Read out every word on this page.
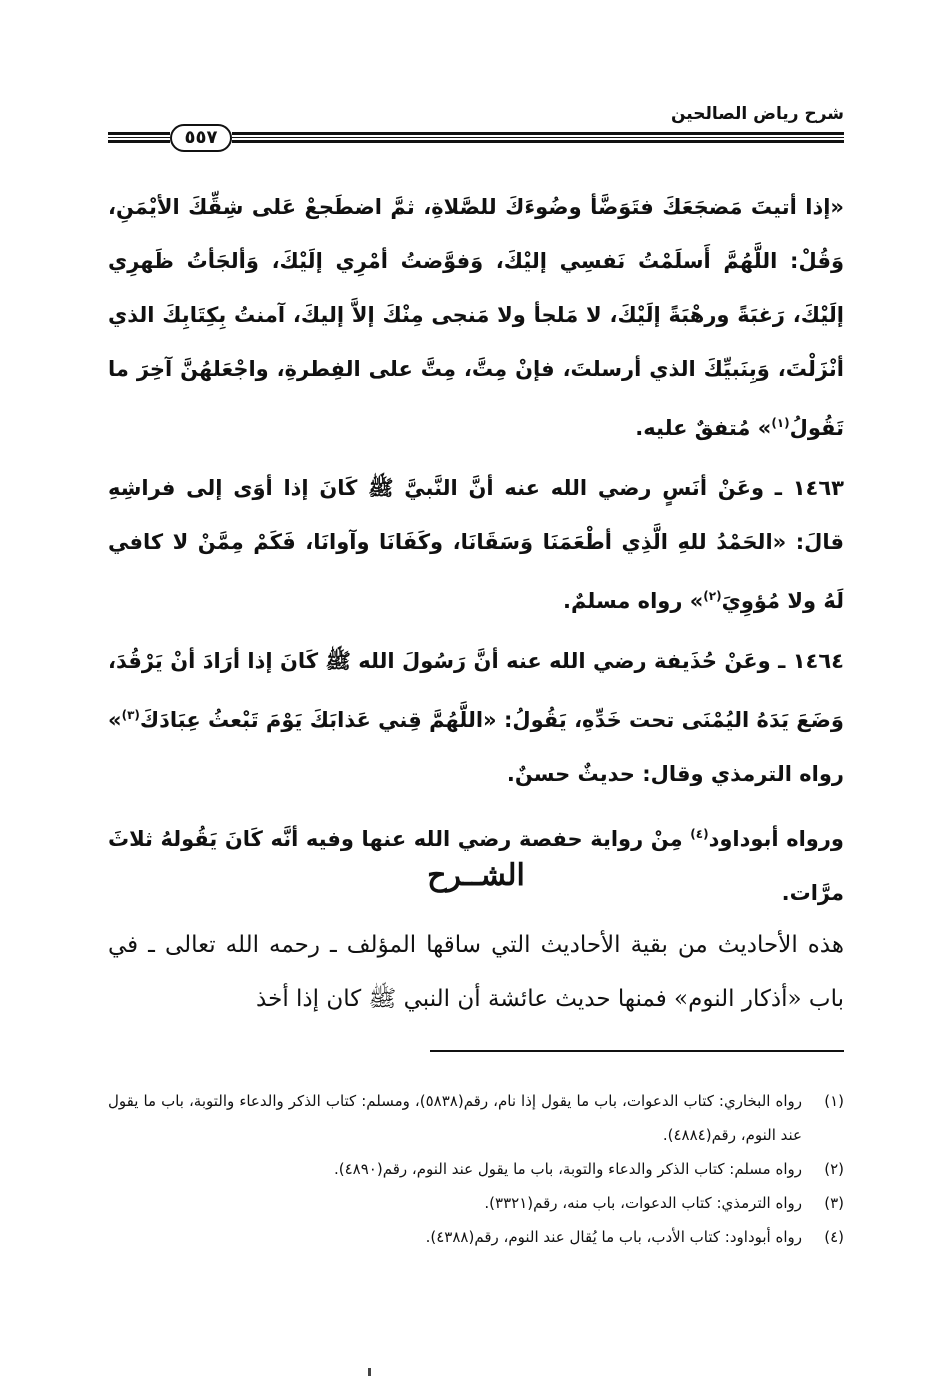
شرح رياض الصالحين
٥٥٧

«إذا أتيتَ مَضجَعَكَ فتَوَضَّأ وضُوءَكَ للصَّلاةِ، ثمَّ اضطَجعْ عَلى شِقِّكَ الأيْمَنِ، وَقُلْ: اللَّهُمَّ أَسلَمْتُ نَفسِي إليْكَ، وَفوَّضتُ أمْرِي إلَيْكَ، وَألجَأتُ ظَهرِي إلَيْكَ، رَغبَةً ورهْبَةً إلَيْكَ، لا مَلجأ ولا مَنجى مِنْكَ إلاَّ إليكَ، آمنتُ بِكِتَابِكَ الذي أنْزَلْتَ، وَبِنَبيِّكَ الذي أرسلتَ، فإنْ مِتَّ، مِتَّ على الفِطرةِ، واجْعَلهُنَّ آخِرَ ما تَقُولُ$^{(١)}$» مُتفقٌ عليه.

١٤٦٣ ـ وعَنْ أنَسٍ رضي الله عنه أنَّ النَّبيَّ ﷺ كَانَ إذا أوَى إلى فراشِهِ قالَ: «الحَمْدُ للهِ الَّذِي أطْعَمَنَا وَسَقَانَا، وكَفَانَا وآوانَا، فَكَمْ مِمَّنْ لا كافي لَهُ ولا مُؤوِيَ$^{(٢)}$» رواه مسلمٌ.

١٤٦٤ ـ وعَنْ حُذَيفة رضي الله عنه أنَّ رَسُولَ الله ﷺ كَانَ إذا أرَادَ أنْ يَرْقُدَ، وَضَعَ يَدَهُ اليُمْنَى تحت خَدِّهِ، يَقُولُ: «اللَّهُمَّ قِني عَذابَكَ يَوْمَ تَبْعثُ عِبَادَكَ$^{(٣)}$» رواه الترمذي وقال: حديثٌ حسنٌ.

ورواه أبوداود$^{(٤)}$ مِنْ رواية حفصة رضي الله عنها وفيه أنَّه كَانَ يَقُولهُ ثلاثَ مرَّات.

الشــرح

هذه الأحاديث من بقية الأحاديث التي ساقها المؤلف ـ رحمه الله تعالى ـ في باب «أذكار النوم» فمنها حديث عائشة أن النبي ﷺ كان إذا أخذ

(١)
رواه البخاري: كتاب الدعوات، باب ما يقول إذا نام، رقم(٥٨٣٨)، ومسلم: كتاب الذكر والدعاء والتوبة، باب ما يقول عند النوم، رقم(٤٨٨٤).
(٢)
رواه مسلم: كتاب الذكر والدعاء والتوبة، باب ما يقول عند النوم، رقم(٤٨٩٠).
(٣)
رواه الترمذي: كتاب الدعوات، باب منه، رقم(٣٣٢١).
(٤)
رواه أبوداود: كتاب الأدب، باب ما يُقال عند النوم، رقم(٤٣٨٨).
